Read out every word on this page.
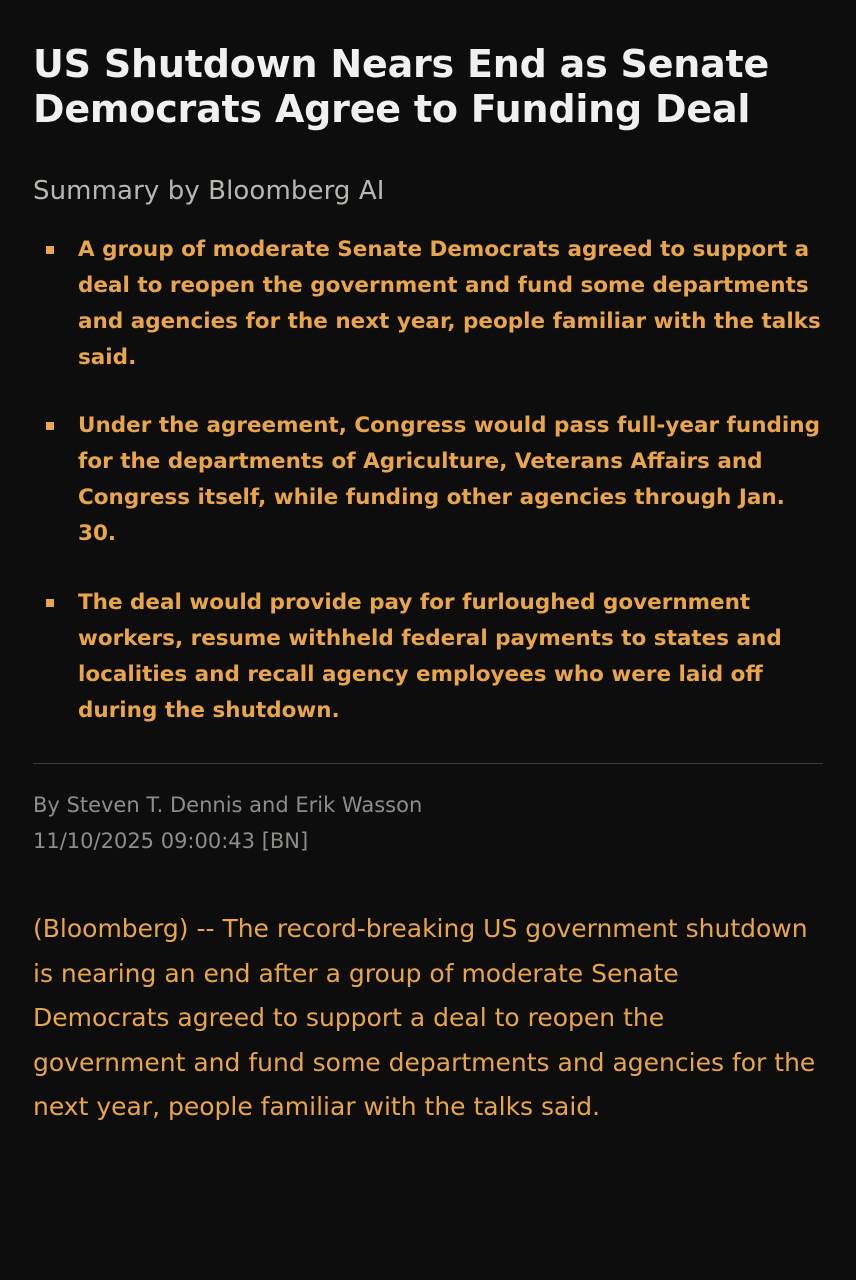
US Shutdown Nears End as Senate Democrats Agree to Funding Deal
Summary by Bloomberg AI
A group of moderate Senate Democrats agreed to support a deal to reopen the government and fund some departments and agencies for the next year, people familiar with the talks said.
Under the agreement, Congress would pass full-year funding for the departments of Agriculture, Veterans Affairs and Congress itself, while funding other agencies through Jan. 30.
The deal would provide pay for furloughed government workers, resume withheld federal payments to states and localities and recall agency employees who were laid off during the shutdown.
By Steven T. Dennis and Erik Wasson
11/10/2025 09:00:43 [BN]

(Bloomberg) -- The record-breaking US government shutdown is nearing an end after a group of moderate Senate Democrats agreed to support a deal to reopen the government and fund some departments and agencies for the next year, people familiar with the talks said.
